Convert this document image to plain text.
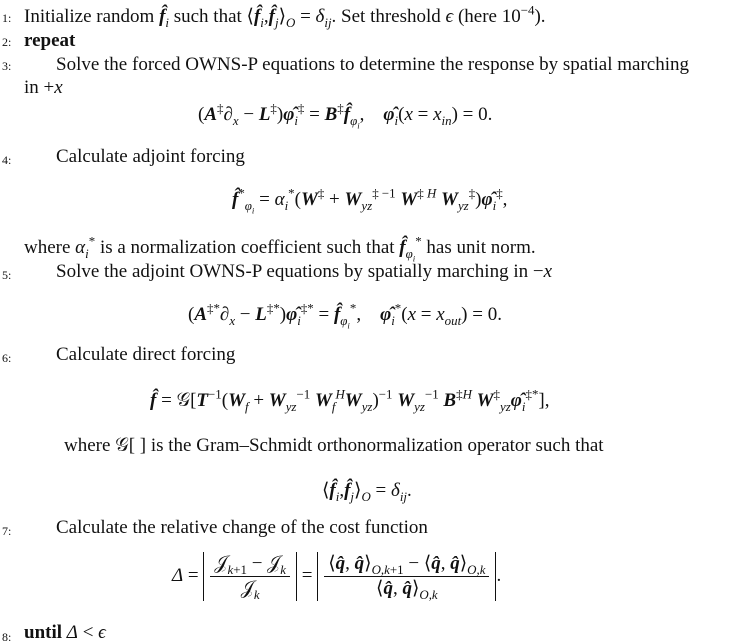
1: Initialize random $f̂_i$ such that $⟨f̂_i,f̂_j⟩_O = \delta_{ij}$. Set threshold ϵ (here $10^{-4}$).
2: repeat
3: Solve the forced OWNS-P equations to determine the response by spatial marching
in +x
($A^\ddagger\partial_x$ − $L^\ddagger)\varphî_i^\ddagger$ = $B^\ddagger f̂_{\varphi_i}$,    $\varphî_i(x = x_{in}) = 0$.
4: Calculate adjoint forcing
$f̂^*_{\varphi_i} = \alpha_i^*(W^\ddagger + W_{yz}^{\ddagger -1}$ $W^{\ddagger H}$ $W_{yz}^\ddagger)\varphî_i^\ddagger$,
where $\alpha_i^*$ is a normalization coefficient such that $f̂_{\varphi_i}^*$ has unit norm.
5: Solve the adjoint OWNS-P equations by spatially marching in −x
($A^{\ddagger*}\partial_x$ − $L^{\ddagger*})\varphî_i^{\ddagger*}$ = $f̂_{\varphi_i}^*$,    $\varphî_i^*(x = x_{out}) = 0$.
6: Calculate direct forcing
f̂ = $𝒢[T^{-1}(W_f + W_{yz}^{-1}$ $W_f^HW_{yz})^{-1}$ $W_{yz}^{-1}$ $B^{\ddagger H}$ $W^\ddagger_{yz}\varphî_i^{\ddagger*}$],
where 𝒢[ ] is the Gram–Schmidt orthonormalization operator such that
$⟨f̂_i,f̂_j⟩_O = \delta_{ij}$.
7: Calculate the relative change of the cost function
$\Delta = \frac{𝒥_{k+1} - 𝒥_k}{𝒥_k} = \frac{⟨q̂, q̂⟩_{O,k+1} - ⟨q̂, q̂⟩_{O,k}}{⟨q̂, q̂⟩_{O,k}}$ .
8: until Δ < ϵ
